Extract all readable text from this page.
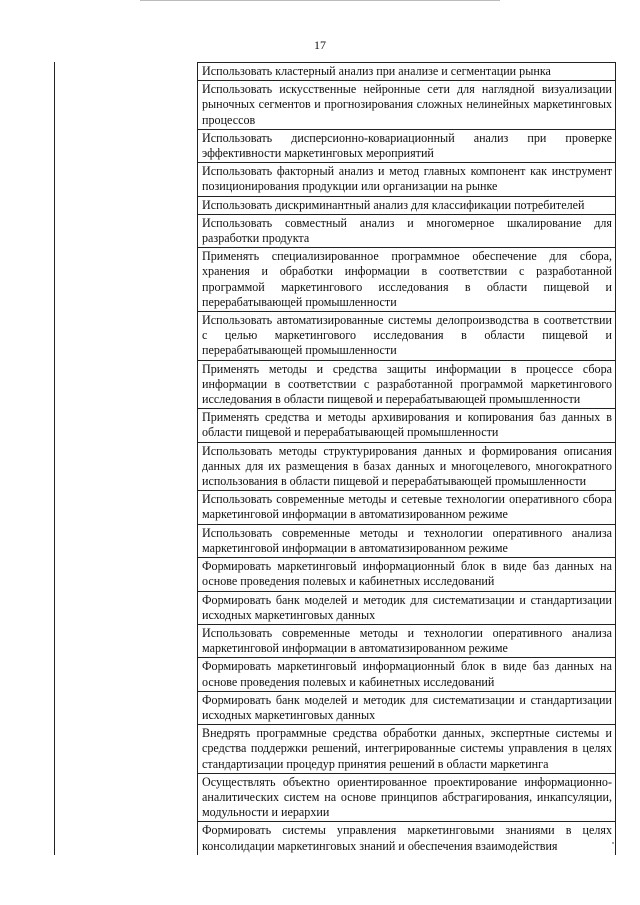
17
Использовать кластерный анализ при анализе и сегментации рынка
Использовать искусственные нейронные сети для наглядной визуализации рыночных сегментов и прогнозирования сложных нелинейных маркетинговых процессов
Использовать дисперсионно-ковариационный анализ при проверке эффективности маркетинговых мероприятий
Использовать факторный анализ и метод главных компонент как инструмент позиционирования продукции или организации на рынке
Использовать дискриминантный анализ для классификации потребителей
Использовать совместный анализ и многомерное шкалирование для разработки продукта
Применять специализированное программное обеспечение для сбора, хранения и обработки информации в соответствии с разработанной программой маркетингового исследования в области пищевой и перерабатывающей промышленности
Использовать автоматизированные системы делопроизводства в соответствии с целью маркетингового исследования в области пищевой и перерабатывающей промышленности
Применять методы и средства защиты информации в процессе сбора информации в соответствии с разработанной программой маркетингового исследования в области пищевой и перерабатывающей промышленности
Применять средства и методы архивирования и копирования баз данных в области пищевой и перерабатывающей промышленности
Использовать методы структурирования данных и формирования описания данных для их размещения в базах данных и многоцелевого, многократного использования в области пищевой и перерабатывающей промышленности
Использовать современные методы и сетевые технологии оперативного сбора маркетинговой информации в автоматизированном режиме
Использовать современные методы и технологии оперативного анализа маркетинговой информации в автоматизированном режиме
Формировать маркетинговый информационный блок в виде баз данных на основе проведения полевых и кабинетных исследований
Формировать банк моделей и методик для систематизации и стандартизации исходных маркетинговых данных
Использовать современные методы и технологии оперативного анализа маркетинговой информации в автоматизированном режиме
Формировать маркетинговый информационный блок в виде баз данных на основе проведения полевых и кабинетных исследований
Формировать банк моделей и методик для систематизации и стандартизации исходных маркетинговых данных
Внедрять программные средства обработки данных, экспертные системы и средства поддержки решений, интегрированные системы управления в целях стандартизации процедур принятия решений в области маркетинга
Осуществлять объектно ориентированное проектирование информационно-аналитических систем на основе принципов абстрагирования, инкапсуляции, модульности и иерархии
Формировать системы управления маркетинговыми знаниями в целях консолидации маркетинговых знаний и обеспечения взаимодействия
